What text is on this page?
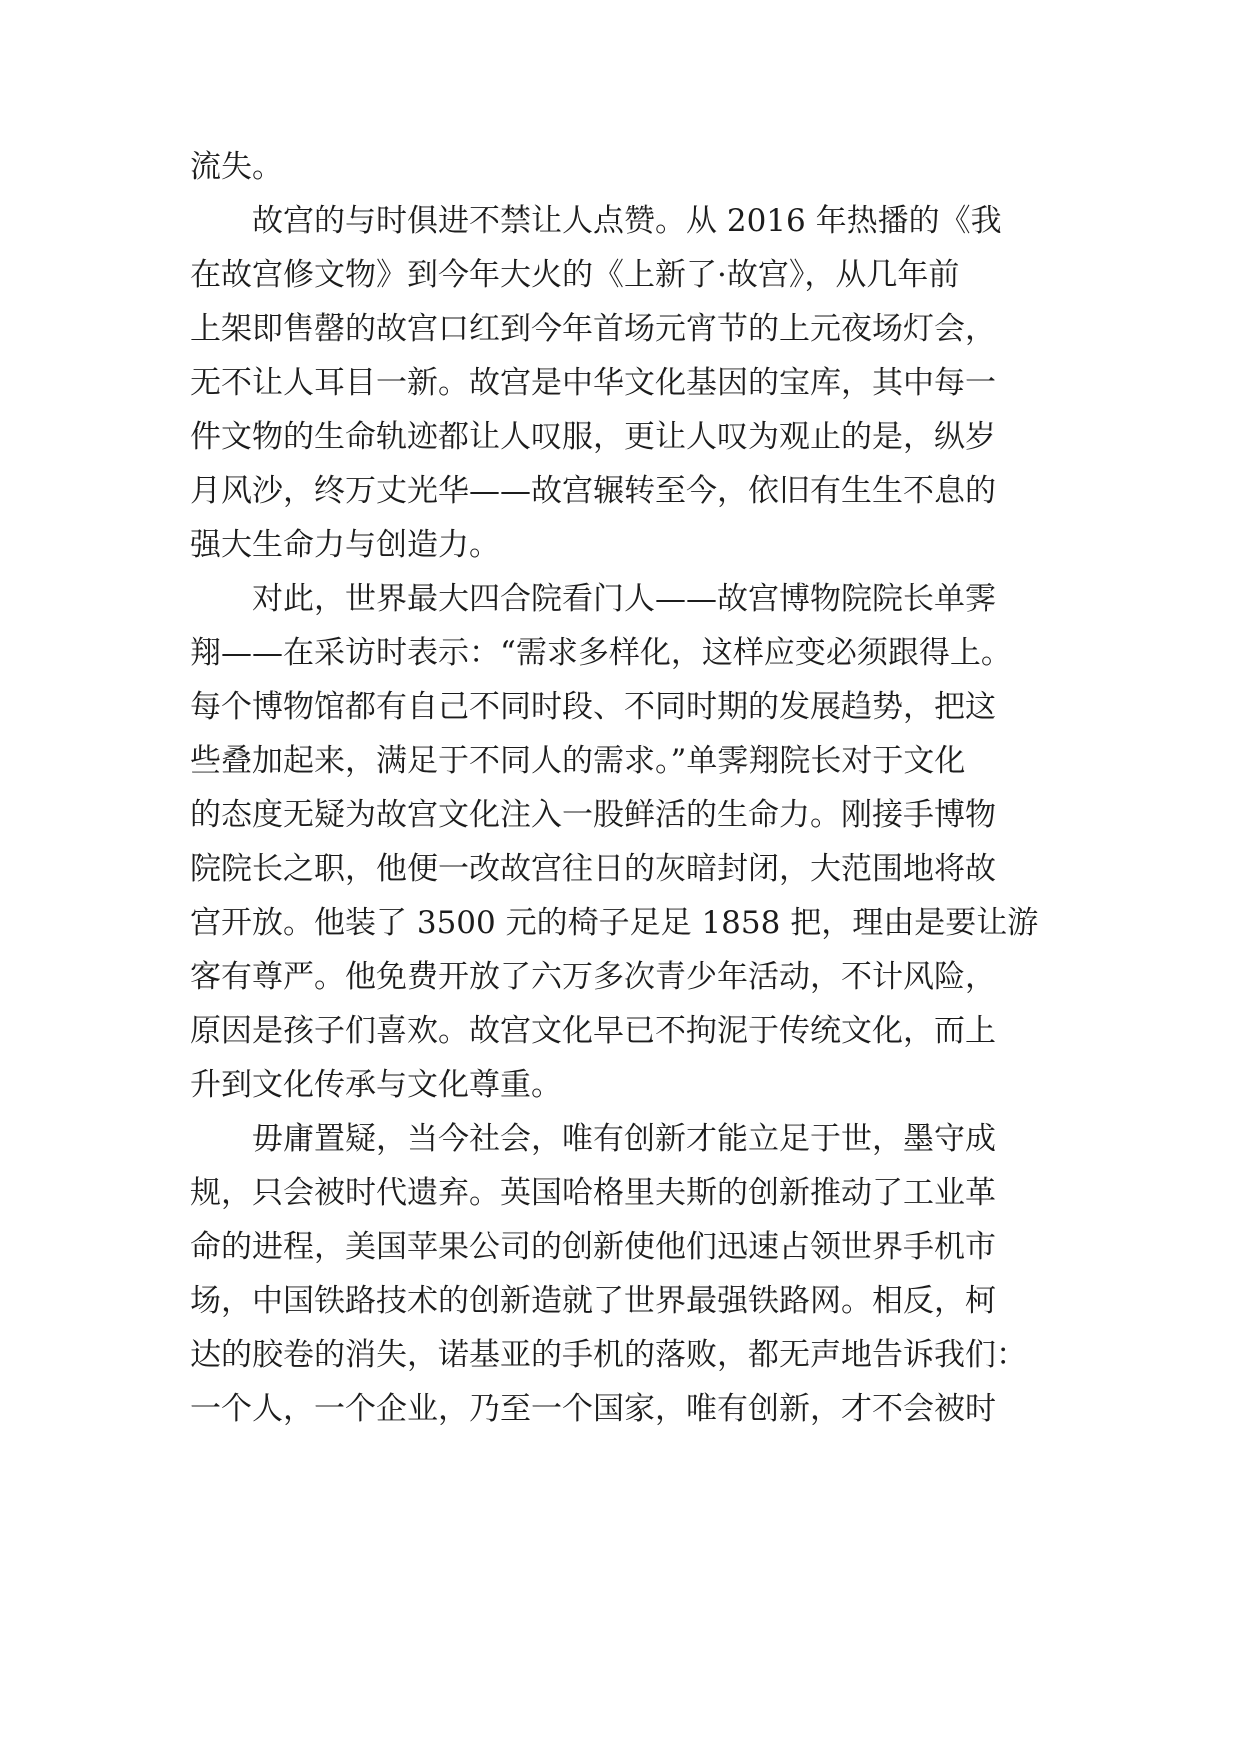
流失。
故宫的与时俱进不禁让人点赞。从 2016 年热播的《我
在故宫修文物》到今年大火的《上新了·故宫》，从几年前
上架即售罄的故宫口红到今年首场元宵节的上元夜场灯会，
无不让人耳目一新。故宫是中华文化基因的宝库，其中每一
件文物的生命轨迹都让人叹服，更让人叹为观止的是，纵岁
月风沙，终万丈光华——故宫辗转至今，依旧有生生不息的
强大生命力与创造力。
对此，世界最大四合院看门人——故宫博物院院长单霁
翔——在采访时表示：“需求多样化，这样应变必须跟得上。
每个博物馆都有自己不同时段、不同时期的发展趋势，把这
些叠加起来，满足于不同人的需求。”单霁翔院长对于文化
的态度无疑为故宫文化注入一股鲜活的生命力。刚接手博物
院院长之职，他便一改故宫往日的灰暗封闭，大范围地将故
宫开放。他装了 3500 元的椅子足足 1858 把，理由是要让游
客有尊严。他免费开放了六万多次青少年活动，不计风险，
原因是孩子们喜欢。故宫文化早已不拘泥于传统文化，而上
升到文化传承与文化尊重。
毋庸置疑，当今社会，唯有创新才能立足于世，墨守成
规，只会被时代遗弃。英国哈格里夫斯的创新推动了工业革
命的进程，美国苹果公司的创新使他们迅速占领世界手机市
场，中国铁路技术的创新造就了世界最强铁路网。相反，柯
达的胶卷的消失，诺基亚的手机的落败，都无声地告诉我们：
一个人，一个企业，乃至一个国家，唯有创新，才不会被时
